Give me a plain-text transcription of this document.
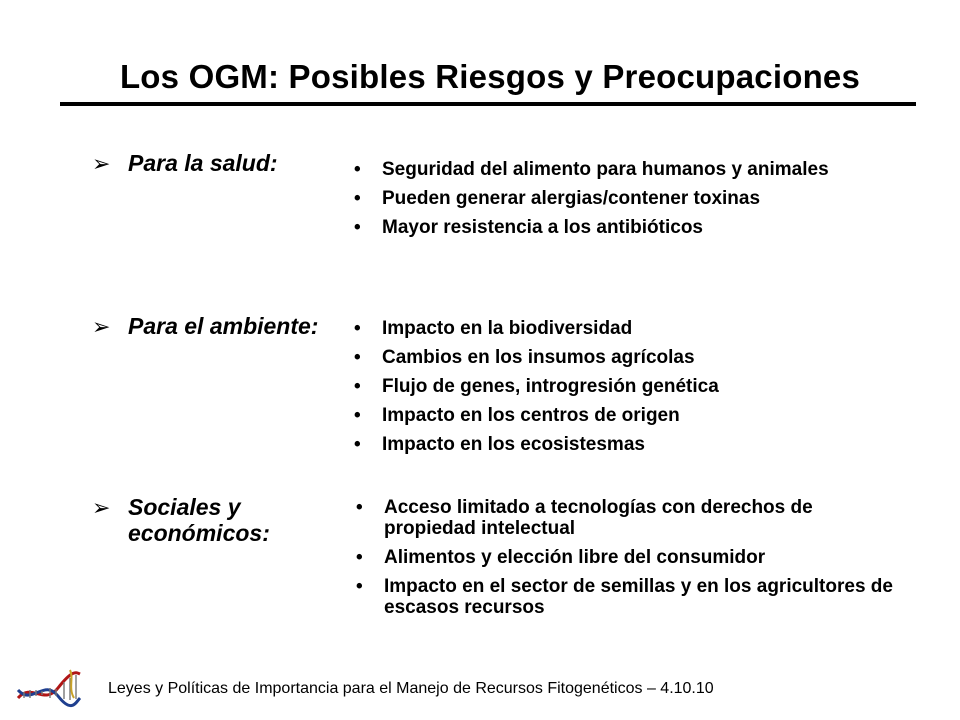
Los OGM: Posibles Riesgos y Preocupaciones
➢ Para la salud:	•	Seguridad del alimento para humanos y animales
•	Pueden generar alergias/contener toxinas
•	Mayor resistencia a los antibióticos
➢ Para el ambiente: •	Impacto en la biodiversidad
•	Cambios en los insumos agrícolas
•	Flujo de genes, introgresión genética
•	Impacto en los centros de origen
•	Impacto en los ecosistesmas
➢ Sociales y
económicos:
•	Acceso limitado a tecnologías con derechos de propiedad intelectual
•	Alimentos y elección libre del consumidor
•	Impacto en el sector de semillas y en los agricultores de escasos recursos
Leyes y Políticas de Importancia para el Manejo de Recursos Fitogenéticos – 4.10.10
